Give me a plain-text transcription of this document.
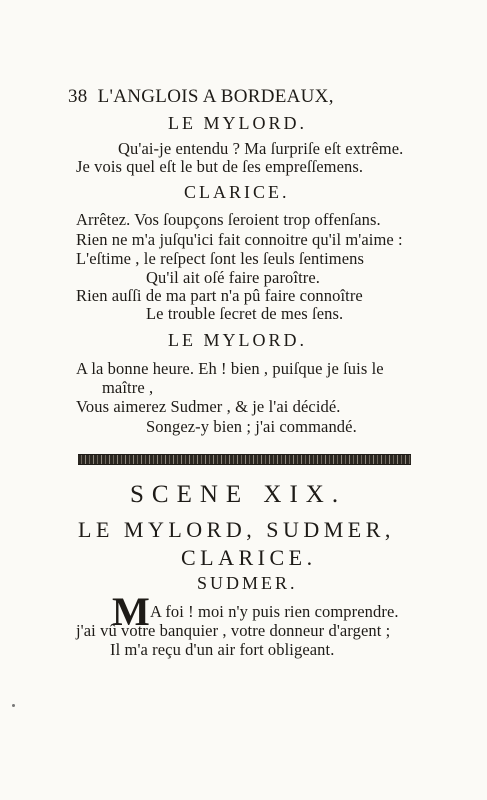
38 L'ANGLOIS A BORDEAUX,
LE MYLORD.
Qu'ai-je entendu ? Ma ſurpriſe eſt extrême.
Je vois quel eſt le but de ſes empreſſemens.
CLARICE.
Arrêtez. Vos ſoupçons ſeroient trop offenſans.
Rien ne m'a juſqu'ici fait connoitre qu'il m'aime :
L'eſtime , le reſpect ſont les ſeuls ſentimens
Qu'il ait oſé faire paroître.
Rien auſſi de ma part n'a pû faire connoître
Le trouble ſecret de mes ſens.
LE MYLORD.
A la bonne heure. Eh ! bien , puiſque je ſuis le
maître ,
Vous aimerez Sudmer , & je l'ai décidé.
Songez-y bien ; j'ai commandé.
SCENE XIX.
LE MYLORD, SUDMER,
CLARICE.
SUDMER.
M A foi ! moi n'y puis rien comprendre.
j'ai vû votre banquier , votre donneur d'argent ;
Il m'a reçu d'un air fort obligeant.
